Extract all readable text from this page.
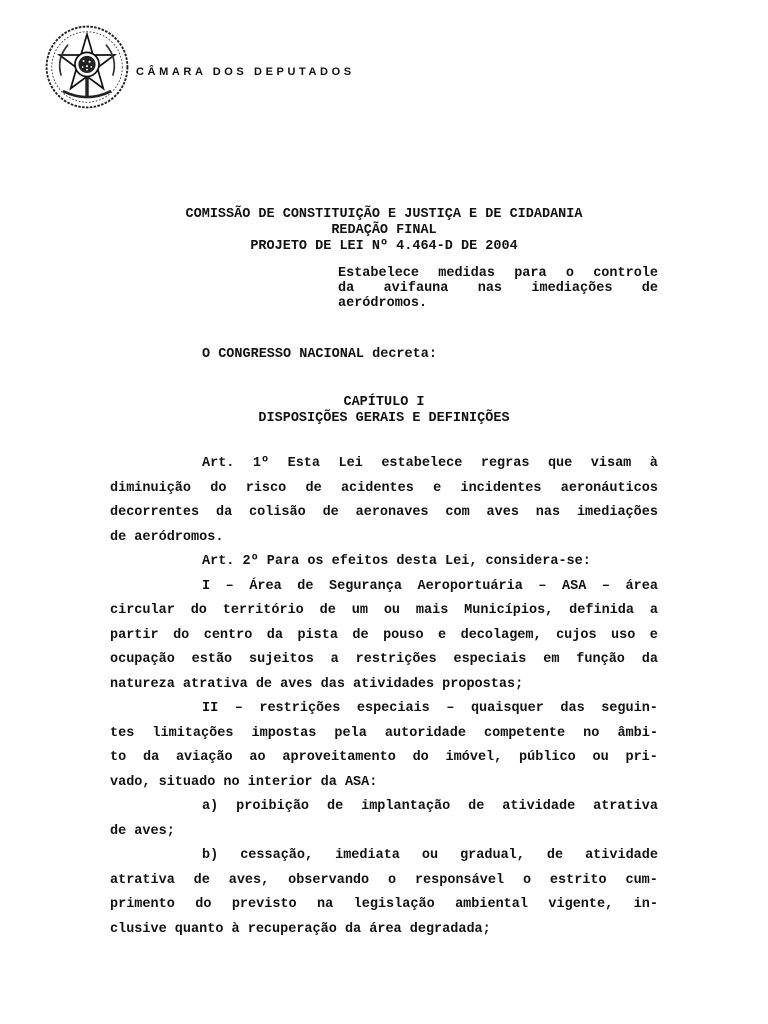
CÂMARA DOS DEPUTADOS
COMISSÃO DE CONSTITUIÇÃO E JUSTIÇA E DE CIDADANIA
REDAÇÃO FINAL
PROJETO DE LEI Nº 4.464-D DE 2004
Estabelece medidas para o controle
da avifauna nas imediações de
aeródromos.
O CONGRESSO NACIONAL decreta:
CAPÍTULO I
DISPOSIÇÕES GERAIS E DEFINIÇÕES
Art. 1º Esta Lei estabelece regras que visam à
diminuição do risco de acidentes e incidentes aeronáuticos
decorrentes da colisão de aeronaves com aves nas imediações
de aeródromos.
Art. 2º Para os efeitos desta Lei, considera-se:
I – Área de Segurança Aeroportuária – ASA – área
circular do território de um ou mais Municípios, definida a
partir do centro da pista de pouso e decolagem, cujos uso e
ocupação estão sujeitos a restrições especiais em função da
natureza atrativa de aves das atividades propostas;
II – restrições especiais – quaisquer das seguin-
tes limitações impostas pela autoridade competente no âmbi-
to da aviação ao aproveitamento do imóvel, público ou pri-
vado, situado no interior da ASA:
a) proibição de implantação de atividade atrativa
de aves;
b) cessação, imediata ou gradual, de atividade
atrativa de aves, observando o responsável o estrito cum-
primento do previsto na legislação ambiental vigente, in-
clusive quanto à recuperação da área degradada;
